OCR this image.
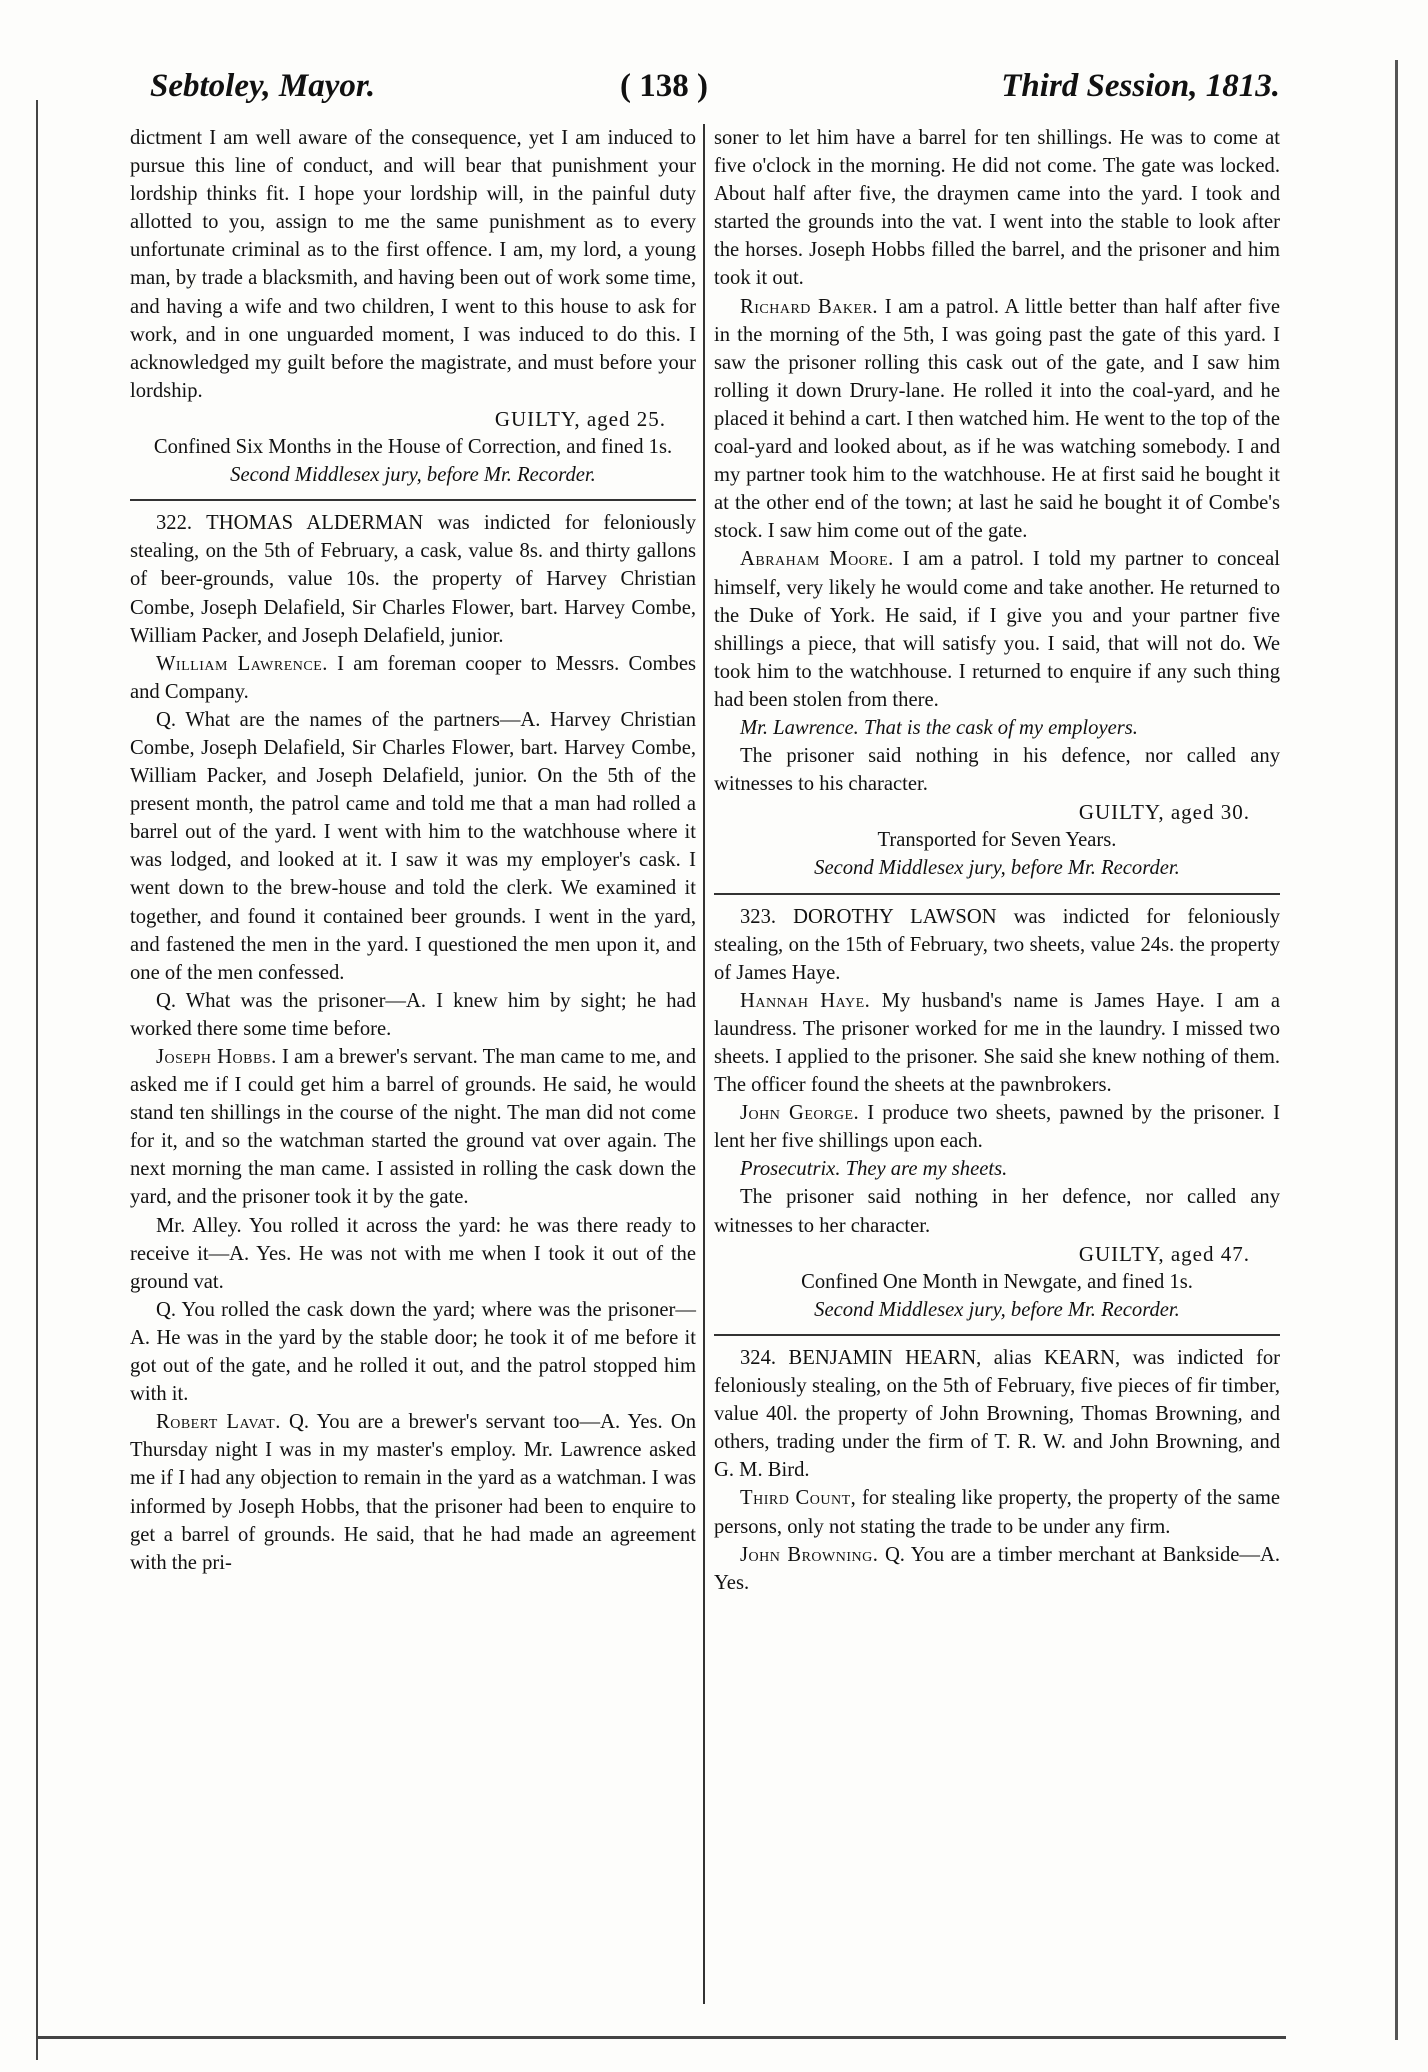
Sebtoley, Mayor.	( 138 )	Third Session, 1813.

dictment I am well aware of the consequence, yet I am induced to pursue this line of conduct, and will bear that punishment your lordship thinks fit. I hope your lordship will, in the painful duty allotted to you, assign to me the same punishment as to every unfortunate criminal as to the first offence. I am, my lord, a young man, by trade a blacksmith, and having been out of work some time, and having a wife and two children, I went to this house to ask for work, and in one unguarded moment, I was induced to do this. I acknowledged my guilt before the magistrate, and must before your lordship.

GUILTY, aged 25.

Confined Six Months in the House of Correction, and fined 1s.

Second Middlesex jury, before Mr. Recorder.

322. THOMAS ALDERMAN was indicted for feloniously stealing, on the 5th of February, a cask, value 8s. and thirty gallons of beer-grounds, value 10s. the property of Harvey Christian Combe, Joseph Delafield, Sir Charles Flower, bart. Harvey Combe, William Packer, and Joseph Delafield, junior.

William Lawrence. I am foreman cooper to Messrs. Combes and Company.

Q. What are the names of the partners—A. Harvey Christian Combe, Joseph Delafield, Sir Charles Flower, bart. Harvey Combe, William Packer, and Joseph Delafield, junior. On the 5th of the present month, the patrol came and told me that a man had rolled a barrel out of the yard. I went with him to the watchhouse where it was lodged, and looked at it. I saw it was my employer's cask. I went down to the brew-house and told the clerk. We examined it together, and found it contained beer grounds. I went in the yard, and fastened the men in the yard. I questioned the men upon it, and one of the men confessed.

Q. What was the prisoner—A. I knew him by sight; he had worked there some time before.

Joseph Hobbs. I am a brewer's servant. The man came to me, and asked me if I could get him a barrel of grounds. He said, he would stand ten shillings in the course of the night. The man did not come for it, and so the watchman started the ground vat over again. The next morning the man came. I assisted in rolling the cask down the yard, and the prisoner took it by the gate.

Mr. Alley. You rolled it across the yard: he was there ready to receive it—A. Yes. He was not with me when I took it out of the ground vat.

Q. You rolled the cask down the yard; where was the prisoner—A. He was in the yard by the stable door; he took it of me before it got out of the gate, and he rolled it out, and the patrol stopped him with it.

Robert Lavat. Q. You are a brewer's servant too—A. Yes. On Thursday night I was in my master's employ. Mr. Lawrence asked me if I had any objection to remain in the yard as a watchman. I was informed by Joseph Hobbs, that the prisoner had been to enquire to get a barrel of grounds. He said, that he had made an agreement with the pri-

soner to let him have a barrel for ten shillings. He was to come at five o'clock in the morning. He did not come. The gate was locked. About half after five, the draymen came into the yard. I took and started the grounds into the vat. I went into the stable to look after the horses. Joseph Hobbs filled the barrel, and the prisoner and him took it out.

Richard Baker. I am a patrol. A little better than half after five in the morning of the 5th, I was going past the gate of this yard. I saw the prisoner rolling this cask out of the gate, and I saw him rolling it down Drury-lane. He rolled it into the coal-yard, and he placed it behind a cart. I then watched him. He went to the top of the coal-yard and looked about, as if he was watching somebody. I and my partner took him to the watchhouse. He at first said he bought it at the other end of the town; at last he said he bought it of Combe's stock. I saw him come out of the gate.

Abraham Moore. I am a patrol. I told my partner to conceal himself, very likely he would come and take another. He returned to the Duke of York. He said, if I give you and your partner five shillings a piece, that will satisfy you. I said, that will not do. We took him to the watchhouse. I returned to enquire if any such thing had been stolen from there.

Mr. Lawrence. That is the cask of my employers.

The prisoner said nothing in his defence, nor called any witnesses to his character.

GUILTY, aged 30.

Transported for Seven Years.

Second Middlesex jury, before Mr. Recorder.

323. DOROTHY LAWSON was indicted for feloniously stealing, on the 15th of February, two sheets, value 24s. the property of James Haye.

Hannah Haye. My husband's name is James Haye. I am a laundress. The prisoner worked for me in the laundry. I missed two sheets. I applied to the prisoner. She said she knew nothing of them. The officer found the sheets at the pawnbrokers.

John George. I produce two sheets, pawned by the prisoner. I lent her five shillings upon each.

Prosecutrix. They are my sheets.

The prisoner said nothing in her defence, nor called any witnesses to her character.

GUILTY, aged 47.

Confined One Month in Newgate, and fined 1s.

Second Middlesex jury, before Mr. Recorder.

324. BENJAMIN HEARN, alias KEARN, was indicted for feloniously stealing, on the 5th of February, five pieces of fir timber, value 40l. the property of John Browning, Thomas Browning, and others, trading under the firm of T. R. W. and John Browning, and G. M. Bird.

Third Count, for stealing like property, the property of the same persons, only not stating the trade to be under any firm.

John Browning. Q. You are a timber merchant at Bankside—A. Yes.
